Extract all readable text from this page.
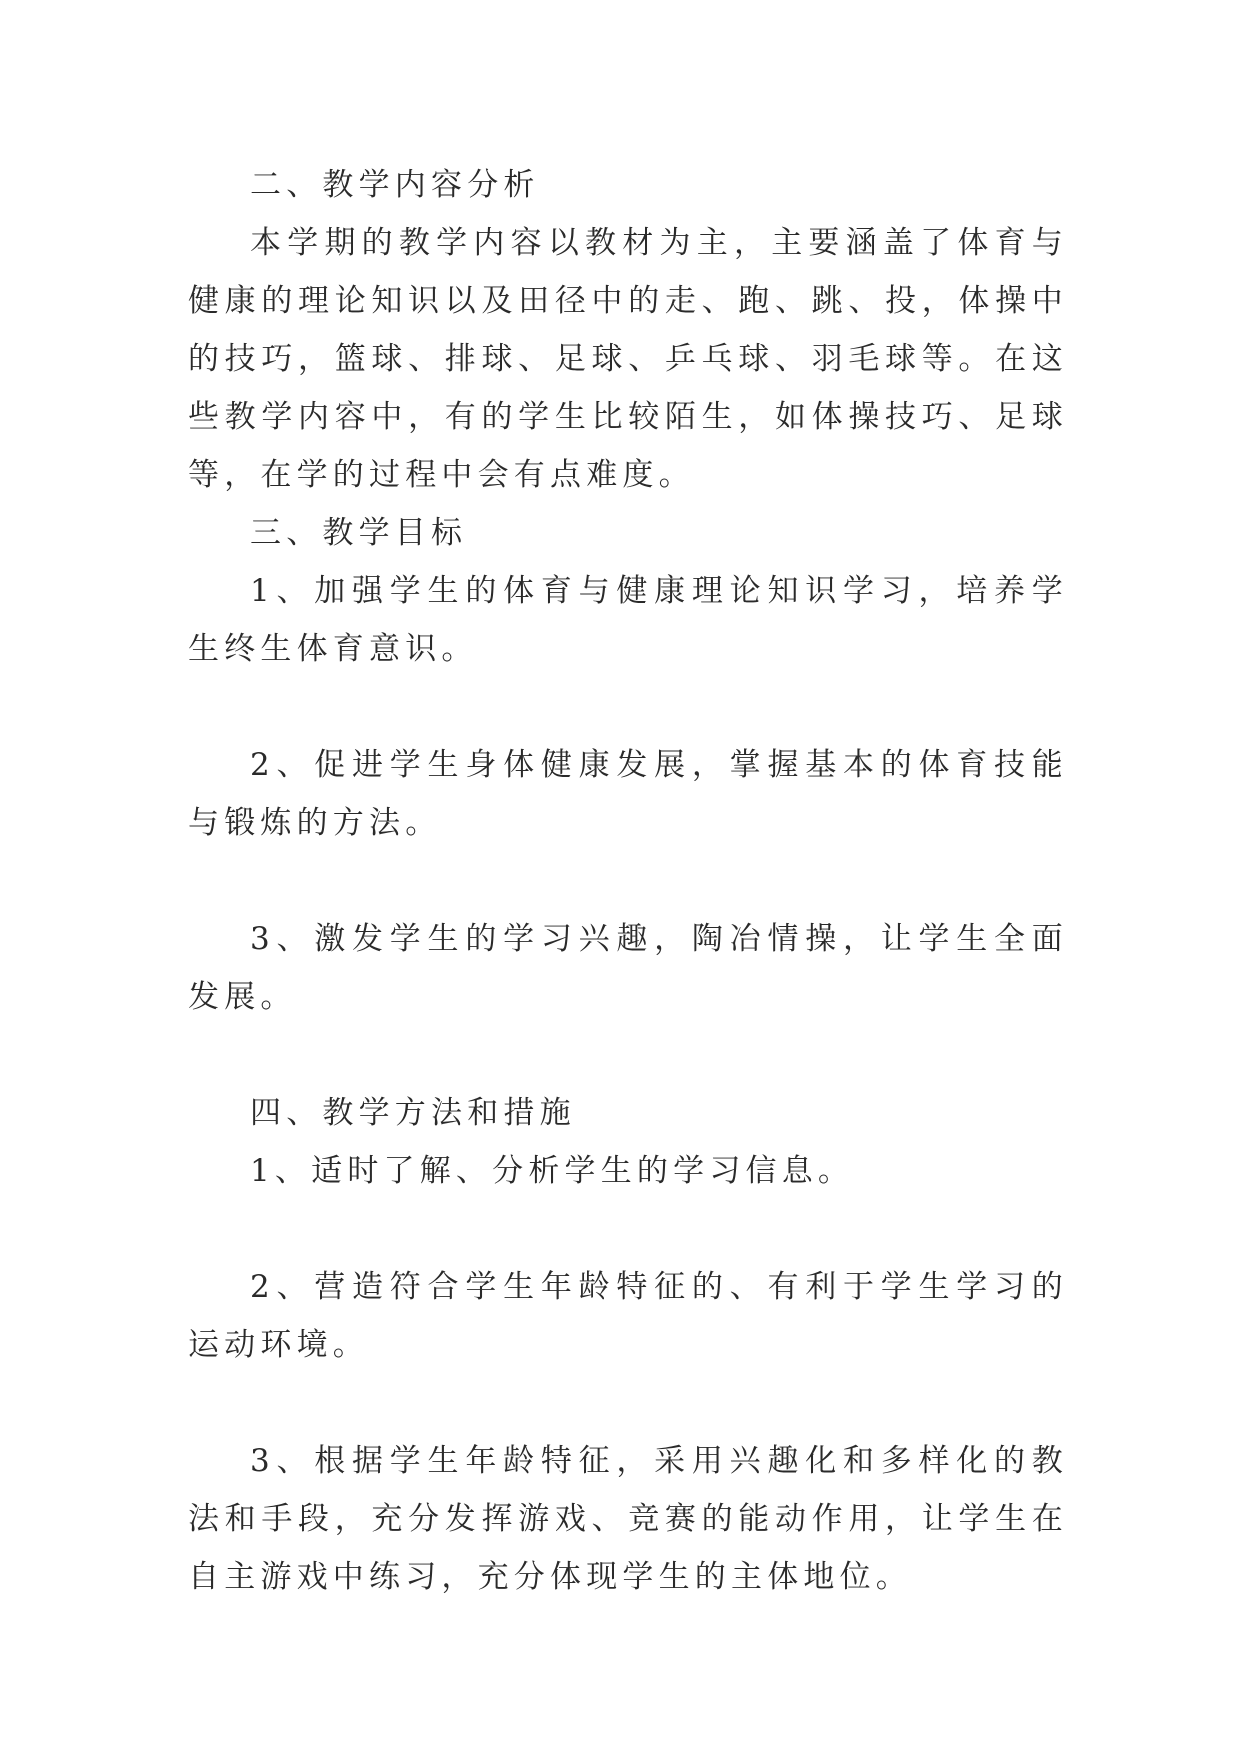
二、教学内容分析

本学期的教学内容以教材为主，主要涵盖了体育与健康的理论知识以及田径中的走、跑、跳、投，体操中的技巧，篮球、排球、足球、乒乓球、羽毛球等。在这些教学内容中，有的学生比较陌生，如体操技巧、足球等，在学的过程中会有点难度。

三、教学目标

1、加强学生的体育与健康理论知识学习，培养学生终生体育意识。

2、促进学生身体健康发展，掌握基本的体育技能与锻炼的方法。

3、激发学生的学习兴趣，陶冶情操，让学生全面发展。

四、教学方法和措施

1、适时了解、分析学生的学习信息。

2、营造符合学生年龄特征的、有利于学生学习的运动环境。

3、根据学生年龄特征，采用兴趣化和多样化的教法和手段，充分发挥游戏、竞赛的能动作用，让学生在自主游戏中练习，充分体现学生的主体地位。
